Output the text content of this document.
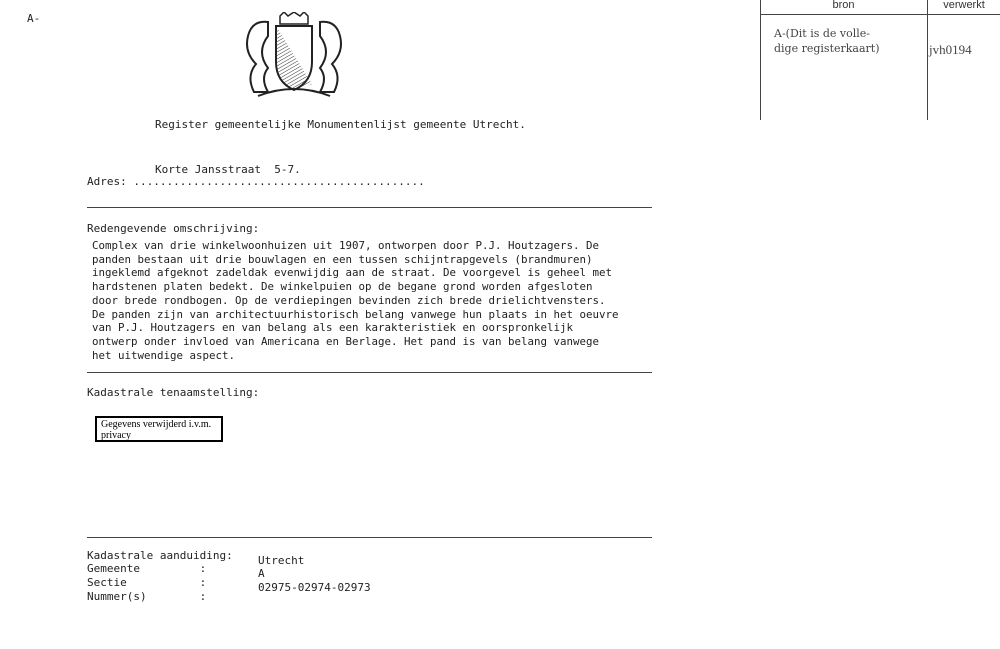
A-
bron	verwerkt
A-(Dit is de volle-
dige registerkaart)	jvh0194
Register gemeentelijke Monumentenlijst gemeente Utrecht.
Korte Jansstraat  5-7.
Adres: ............................................
Redengevende omschrijving:
Complex van drie winkelwoonhuizen uit 1907, ontworpen door P.J. Houtzagers. De
panden bestaan uit drie bouwlagen en een tussen schijntrapgevels (brandmuren)
ingeklemd afgeknot zadeldak evenwijdig aan de straat. De voorgevel is geheel met
hardstenen platen bedekt. De winkelpuien op de begane grond worden afgesloten
door brede rondbogen. Op de verdiepingen bevinden zich brede drielichtvensters.
De panden zijn van architectuurhistorisch belang vanwege hun plaats in het oeuvre
van P.J. Houtzagers en van belang als een karakteristiek en oorspronkelijk
ontwerp onder invloed van Americana en Berlage. Het pand is van belang vanwege
het uitwendige aspect.
Kadastrale tenaamstelling:
Gegevens verwijderd i.v.m. privacy
Kadastrale aanduiding:
Gemeente         :
Sectie           :
Nummer(s)        :
Utrecht
A
02975-02974-02973
